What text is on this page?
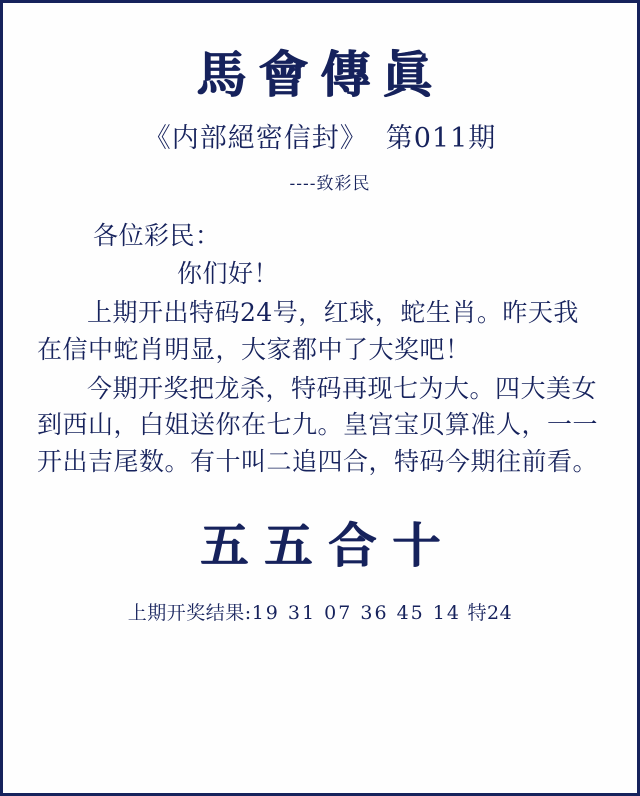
馬會傳眞
《内部絕密信封》 第011期
----致彩民
各位彩民：
你们好！
上期开出特码24号，红球，蛇生肖。昨天我在信中蛇肖明显，大家都中了大奖吧！
今期开奖把龙杀，特码再现七为大。四大美女到西山，白姐送你在七九。皇宫宝贝算准人，一一开出吉尾数。有十叫二追四合，特码今期往前看。
五五合十
上期开奖结果:19 31 07 36 45 14 特24
